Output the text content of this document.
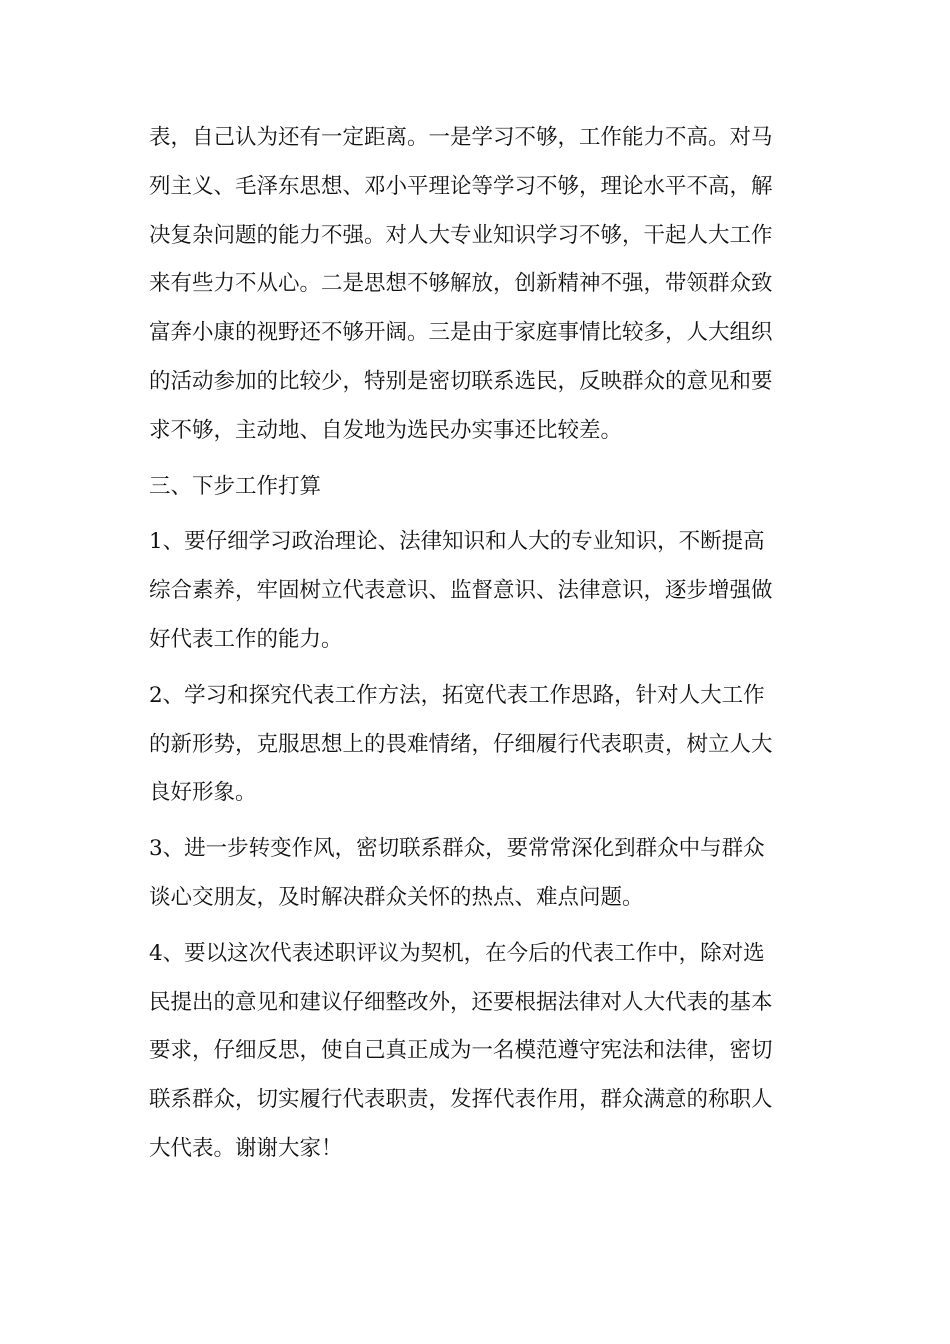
表，自己认为还有一定距离。一是学习不够，工作能力不高。对马
列主义、毛泽东思想、邓小平理论等学习不够，理论水平不高，解
决复杂问题的能力不强。对人大专业知识学习不够，干起人大工作
来有些力不从心。二是思想不够解放，创新精神不强，带领群众致
富奔小康的视野还不够开阔。三是由于家庭事情比较多，人大组织
的活动参加的比较少，特别是密切联系选民，反映群众的意见和要
求不够，主动地、自发地为选民办实事还比较差。
三、下步工作打算
1、要仔细学习政治理论、法律知识和人大的专业知识，不断提高
综合素养，牢固树立代表意识、监督意识、法律意识，逐步增强做
好代表工作的能力。
2、学习和探究代表工作方法，拓宽代表工作思路，针对人大工作
的新形势，克服思想上的畏难情绪，仔细履行代表职责，树立人大
良好形象。
3、进一步转变作风，密切联系群众，要常常深化到群众中与群众
谈心交朋友，及时解决群众关怀的热点、难点问题。
4、要以这次代表述职评议为契机，在今后的代表工作中，除对选
民提出的意见和建议仔细整改外，还要根据法律对人大代表的基本
要求，仔细反思，使自己真正成为一名模范遵守宪法和法律，密切
联系群众，切实履行代表职责，发挥代表作用，群众满意的称职人
大代表。谢谢大家！
